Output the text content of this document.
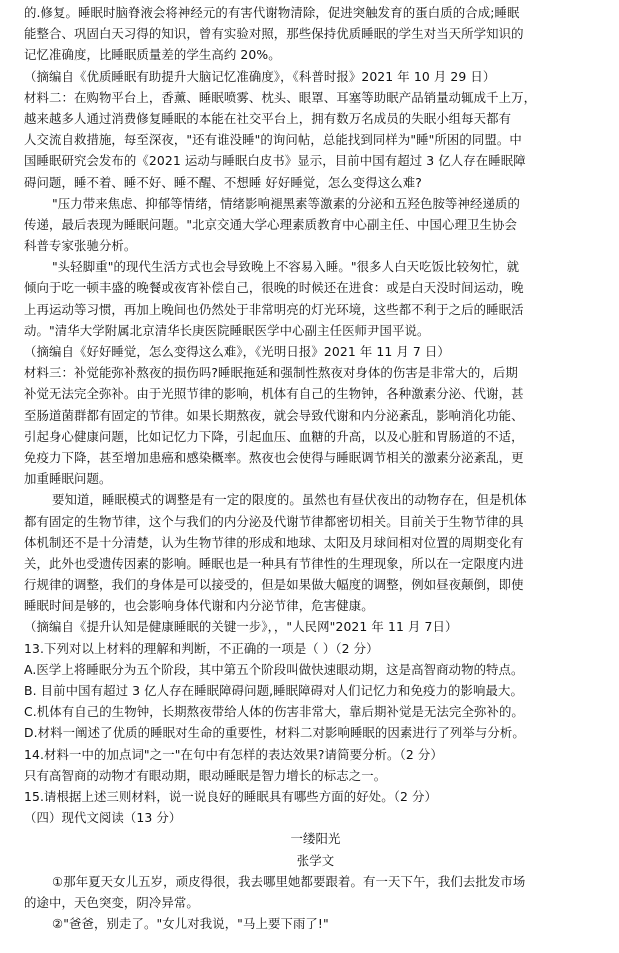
的.修复。睡眠时脑脊液会将神经元的有害代谢物清除，促进突触发育的蛋白质的合成;睡眠
能整合、巩固白天习得的知识，曾有实验对照，那些保持优质睡眠的学生对当天所学知识的
记忆准确度，比睡眠质量差的学生高约 20%。
（摘编自《优质睡眠有助提升大脑记忆准确度》，《科普时报》2021 年 10 月 29 日）
材料二：在购物平台上，香薰、睡眠喷雾、枕头、眼罩、耳塞等助眠产品销量动辄成千上万，
越来越多人通过消费修复睡眠的本能在社交平台上，拥有数万名成员的失眠小组每天都有
人交流自救措施，每至深夜，"还有谁没睡"的询问帖，总能找到同样为"睡"所困的同盟。中
国睡眠研究会发布的《2021 运动与睡眠白皮书》显示，目前中国有超过 3 亿人存在睡眠障
碍问题，睡不着、睡不好、睡不醒、不想睡 好好睡觉，怎么变得这么难?
"压力带来焦虑、抑郁等情绪，情绪影响褪黑素等激素的分泌和五羟色胺等神经递质的
传递，最后表现为睡眠问题。"北京交通大学心理素质教育中心副主任、中国心理卫生协会
科普专家张驰分析。
"头轻脚重"的现代生活方式也会导致晚上不容易入睡。"很多人白天吃饭比较匆忙，就
倾向于吃一顿丰盛的晚餐或夜宵补偿自己，很晚的时候还在进食：或是白天没时间运动，晚
上再运动等习惯，再加上晚间也仍然处于非常明亮的灯光环境，这些都不利于之后的睡眠活
动。"清华大学附属北京清华长庚医院睡眠医学中心副主任医师尹国平说。
（摘编自《好好睡觉，怎么变得这么难》，《光明日报》2021 年 11 月 7 日）
材料三：补觉能弥补熬夜的损伤吗?睡眠拖延和强制性熬夜对身体的伤害是非常大的，后期
补觉无法完全弥补。由于光照节律的影响，机体有自己的生物钟，各种激素分泌、代谢，甚
至肠道菌群都有固定的节律。如果长期熬夜，就会导致代谢和内分泌紊乱，影响消化功能、
引起身心健康问题，比如记忆力下降，引起血压、血糖的升高，以及心脏和胃肠道的不适，
免疫力下降，甚至增加患癌和感染概率。熬夜也会使得与睡眠调节相关的激素分泌紊乱，更
加重睡眠问题。
要知道，睡眠模式的调整是有一定的限度的。虽然也有昼伏夜出的动物存在，但是机体
都有固定的生物节律，这个与我们的内分泌及代谢节律都密切相关。目前关于生物节律的具
体机制还不是十分清楚，认为生物节律的形成和地球、太阳及月球间相对位置的周期变化有
关，此外也受遗传因素的影响。睡眠也是一种具有节律性的生理现象，所以在一定限度内进
行规律的调整，我们的身体是可以接受的，但是如果做大幅度的调整，例如昼夜颠倒，即使
睡眠时间是够的，也会影响身体代谢和内分泌节律，危害健康。
（摘编自《提升认知是健康睡眠的关键一步》，，"人民网"2021 年 11 月 7日）
13.下列对以上材料的理解和判断，不正确的一项是（ ）（2 分）
A.医学上将睡眠分为五个阶段，其中第五个阶段叫做快速眼动期，这是高智商动物的特点。
B. 目前中国有超过 3 亿人存在睡眠障碍问题,睡眠障碍对人们记忆力和免疫力的影响最大。
C.机体有自己的生物钟，长期熬夜带给人体的伤害非常大，靠后期补觉是无法完全弥补的。
D.材料一阐述了优质的睡眠对生命的重要性，材料二对影响睡眠的因素进行了列举与分析。
14.材料一中的加点词"之一"在句中有怎样的表达效果?请简要分析。（2 分）
只有高智商的动物才有眼动期，眼动睡眠是智力增长的标志之一。
15.请根据上述三则材料，说一说良好的睡眠具有哪些方面的好处。（2 分）
（四）现代文阅读（13 分）
一缕阳光
张学文
①那年夏天女儿五岁，顽皮得很，我去哪里她都要跟着。有一天下午，我们去批发市场
的途中，天色突变，阴冷异常。
②"爸爸，别走了。"女儿对我说，"马上要下雨了!"
